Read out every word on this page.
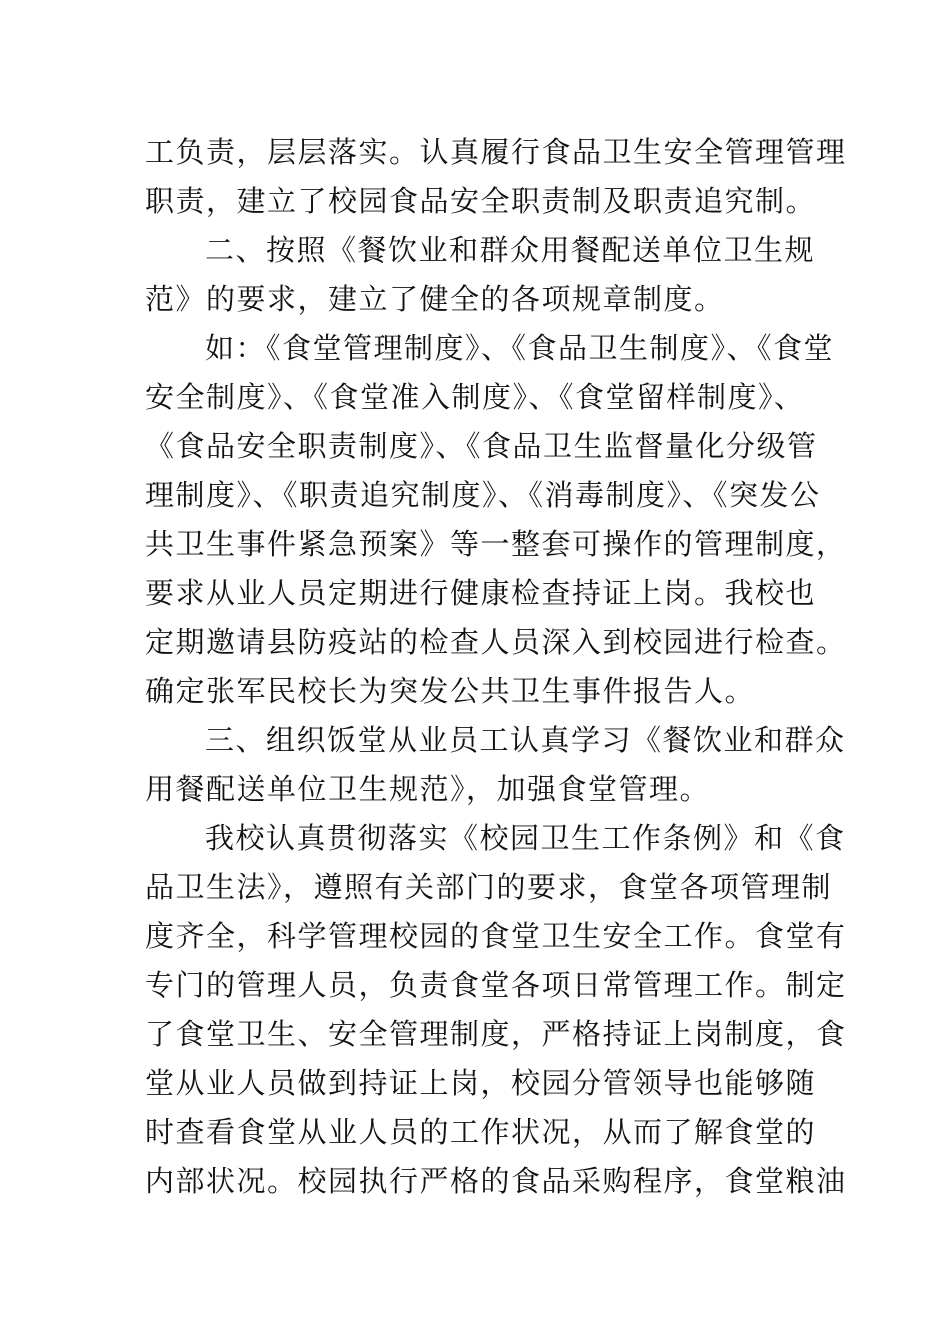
工负责，层层落实。认真履行食品卫生安全管理管理
职责，建立了校园食品安全职责制及职责追究制。
二、按照《餐饮业和群众用餐配送单位卫生规
范》的要求，建立了健全的各项规章制度。
如：《食堂管理制度》、《食品卫生制度》、《食堂
安全制度》、《食堂准入制度》、《食堂留样制度》、
《食品安全职责制度》、《食品卫生监督量化分级管
理制度》、《职责追究制度》、《消毒制度》、《突发公
共卫生事件紧急预案》等一整套可操作的管理制度，
要求从业人员定期进行健康检查持证上岗。我校也
定期邀请县防疫站的检查人员深入到校园进行检查。
确定张军民校长为突发公共卫生事件报告人。
三、组织饭堂从业员工认真学习《餐饮业和群众
用餐配送单位卫生规范》，加强食堂管理。
我校认真贯彻落实《校园卫生工作条例》和《食
品卫生法》，遵照有关部门的要求，食堂各项管理制
度齐全，科学管理校园的食堂卫生安全工作。食堂有
专门的管理人员，负责食堂各项日常管理工作。制定
了食堂卫生、安全管理制度，严格持证上岗制度，食
堂从业人员做到持证上岗，校园分管领导也能够随
时查看食堂从业人员的工作状况，从而了解食堂的
内部状况。校园执行严格的食品采购程序，食堂粮油
